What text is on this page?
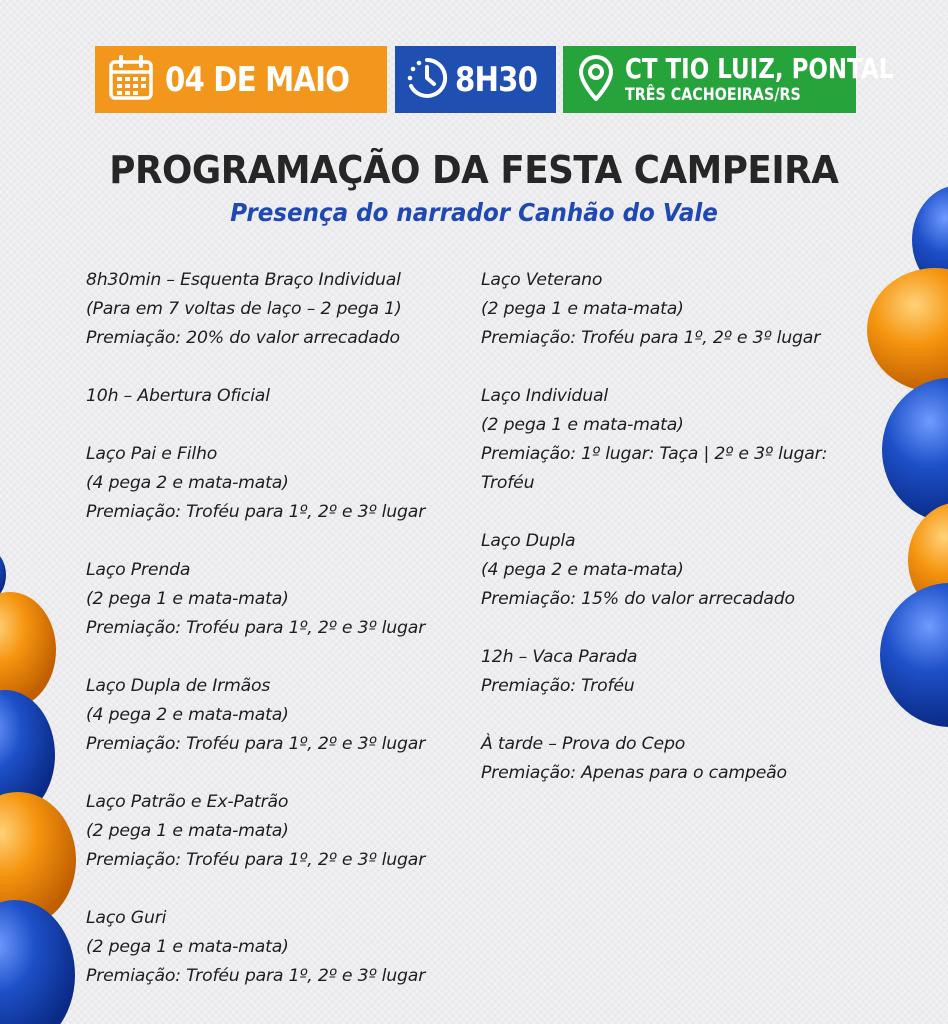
04 DE MAIO	8H30	CT TIO LUIZ, PONTAL
TRÊS CACHOEIRAS/RS
PROGRAMAÇÃO DA FESTA CAMPEIRA
Presença do narrador Canhão do Vale
8h30min – Esquenta Braço Individual
(Para em 7 voltas de laço – 2 pega 1)
Premiação: 20% do valor arrecadado
10h – Abertura Oficial
Laço Pai e Filho
(4 pega 2 e mata-mata)
Premiação: Troféu para 1º, 2º e 3º lugar
Laço Prenda
(2 pega 1 e mata-mata)
Premiação: Troféu para 1º, 2º e 3º lugar
Laço Dupla de Irmãos
(4 pega 2 e mata-mata)
Premiação: Troféu para 1º, 2º e 3º lugar
Laço Patrão e Ex-Patrão
(2 pega 1 e mata-mata)
Premiação: Troféu para 1º, 2º e 3º lugar
Laço Guri
(2 pega 1 e mata-mata)
Premiação: Troféu para 1º, 2º e 3º lugar
Laço Veterano
(2 pega 1 e mata-mata)
Premiação: Troféu para 1º, 2º e 3º lugar
Laço Individual
(2 pega 1 e mata-mata)
Premiação: 1º lugar: Taça | 2º e 3º lugar: Troféu
Laço Dupla
(4 pega 2 e mata-mata)
Premiação: 15% do valor arrecadado
12h – Vaca Parada
Premiação: Troféu
À tarde – Prova do Cepo
Premiação: Apenas para o campeão
